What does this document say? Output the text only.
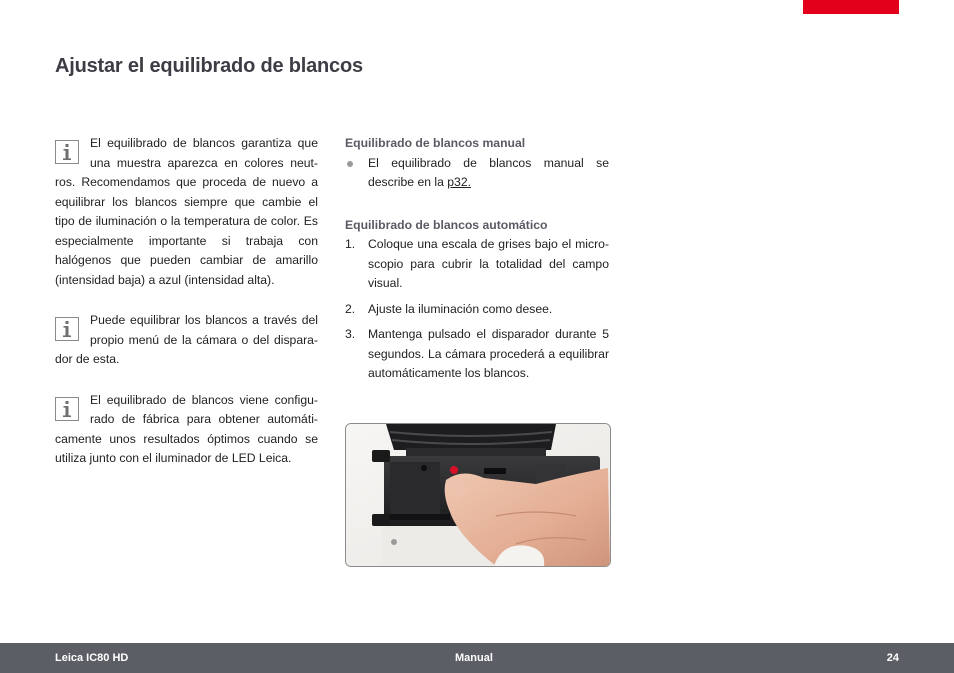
Ajustar el equilibrado de blancos
El equilibrado de blancos garantiza que una muestra aparezca en colores neut-ros. Recomendamos que proceda de nuevo a equilibrar los blancos siempre que cambie el tipo de iluminación o la temperatura de color. Es especialmente importante si trabaja con halógenos que pueden cambiar de amarillo (intensidad baja) a azul (intensidad alta).
Puede equilibrar los blancos a través del propio menú de la cámara o del dispara-dor de esta.
El equilibrado de blancos viene configu-rado de fábrica para obtener automáti-camente unos resultados óptimos cuando se utiliza junto con el iluminador de LED Leica.
Equilibrado de blancos manual
El equilibrado de blancos manual se describe en la p32.
Equilibrado de blancos automático
1. Coloque una escala de grises bajo el micro-scopio para cubrir la totalidad del campo visual.
2. Ajuste la iluminación como desee.
3. Mantenga pulsado el disparador durante 5 segundos. La cámara procederá a equilibrar automáticamente los blancos.
Leica IC80 HD	Manual	24
